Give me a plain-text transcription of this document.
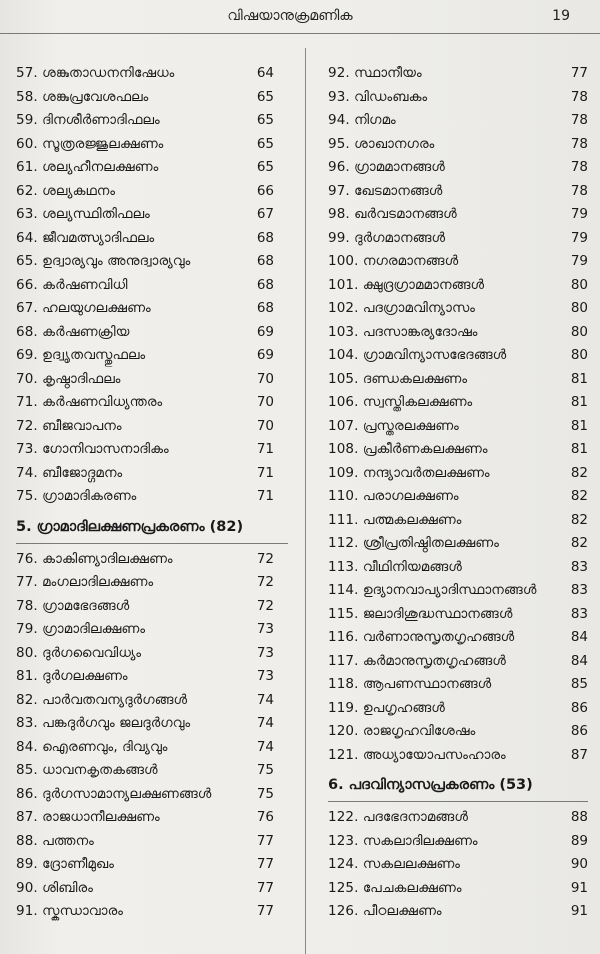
വിഷയാനുക്രമണിക	19
57. ശങ്കുതാഡനനിഷേധം	64
58. ശങ്കുപ്രവേശഫലം	65
59. ദിനശീർണാദിഫലം	65
60. സൂത്രരജ്ജുലക്ഷണം	65
61. ശല്യഹീനലക്ഷണം	65
62. ശല്യകഥനം	66
63. ശല്യസ്ഥിതിഫലം	67
64. ജീവമത്സ്യാദിഫലം	68
65. ഉദ്വാര്യവും അനുദ്വാര്യവും	68
66. കർഷണവിധി	68
67. ഹലയുഗലക്ഷണം	68
68. കർഷണക്രിയ	69
69. ഉദ്വൃതവസ്തുഫലം	69
70. കൃഷ്ഠാദിഫലം	70
71. കർഷണവിധ്യന്തരം	70
72. ബീജവാപനം	70
73. ഗോനിവാസനാദികം	71
74. ബീജോദ്ഗമനം	71
75. ഗ്രാമാദികരണം	71
5. ഗ്രാമാദിലക്ഷണപ്രകരണം (82)
76. കാകിണ്യാദിലക്ഷണം	72
77. മംഗലാദിലക്ഷണം	72
78. ഗ്രാമഭേദങ്ങൾ	72
79. ഗ്രാമാദിലക്ഷണം	73
80. ദുർഗവൈവിധ്യം	73
81. ദുർഗലക്ഷണം	73
82. പാർവതവന്യദുർഗങ്ങൾ	74
83. പങ്കദുർഗവും ജലദുർഗവും	74
84. ഐരണവും, ദിവ്യവും	74
85. ധാവനകൃതകങ്ങൾ	75
86. ദുർഗസാമാന്യലക്ഷണങ്ങൾ	75
87. രാജധാനീലക്ഷണം	76
88. പത്തനം	77
89. ദ്രോണീമുഖം	77
90. ശിബിരം	77
91. സ്കന്ധാവാരം	77
92. സ്ഥാനീയം	77
93. വിഡംബകം	78
94. നിഗമം	78
95. ശാഖാനഗരം	78
96. ഗ്രാമമാനങ്ങൾ	78
97. ഖേടമാനങ്ങൾ	78
98. ഖർവടമാനങ്ങൾ	79
99. ദുർഗമാനങ്ങൾ	79
100. നഗരമാനങ്ങൾ	79
101. ക്ഷുദ്രഗ്രാമമാനങ്ങൾ	80
102. പദഗ്രാമവിന്യാസം	80
103. പദസാങ്കര്യദോഷം	80
104. ഗ്രാമവിന്യാസഭേദങ്ങൾ	80
105. ദണ്ഡകലക്ഷണം	81
106. സ്വസ്തികലക്ഷണം	81
107. പ്രസ്തരലക്ഷണം	81
108. പ്രകീർണകലക്ഷണം	81
109. നന്ദ്യാവർതലക്ഷണം	82
110. പരാഗലക്ഷണം	82
111. പത്മകലക്ഷണം	82
112. ശ്രീപ്രതിഷ്ഠിതലക്ഷണം	82
113. വീഥിനിയമങ്ങൾ	83
114. ഉദ്യാനവാപ്യാദിസ്ഥാനങ്ങൾ	83
115. ജലാദിശുദ്ധസ്ഥാനങ്ങൾ	83
116. വർണാനുസൃതഗൃഹങ്ങൾ	84
117. കർമാനുസൃതഗൃഹങ്ങൾ	84
118. ആപണസ്ഥാനങ്ങൾ	85
119. ഉപഗൃഹങ്ങൾ	86
120. രാജഗൃഹവിശേഷം	86
121. അധ്യായോപസംഹാരം	87
6. പദവിന്യാസപ്രകരണം (53)
122. പദഭേദനാമങ്ങൾ	88
123. സകലാദിലക്ഷണം	89
124. സകലലക്ഷണം	90
125. പേചകലക്ഷണം	91
126. പീഠലക്ഷണം	91
